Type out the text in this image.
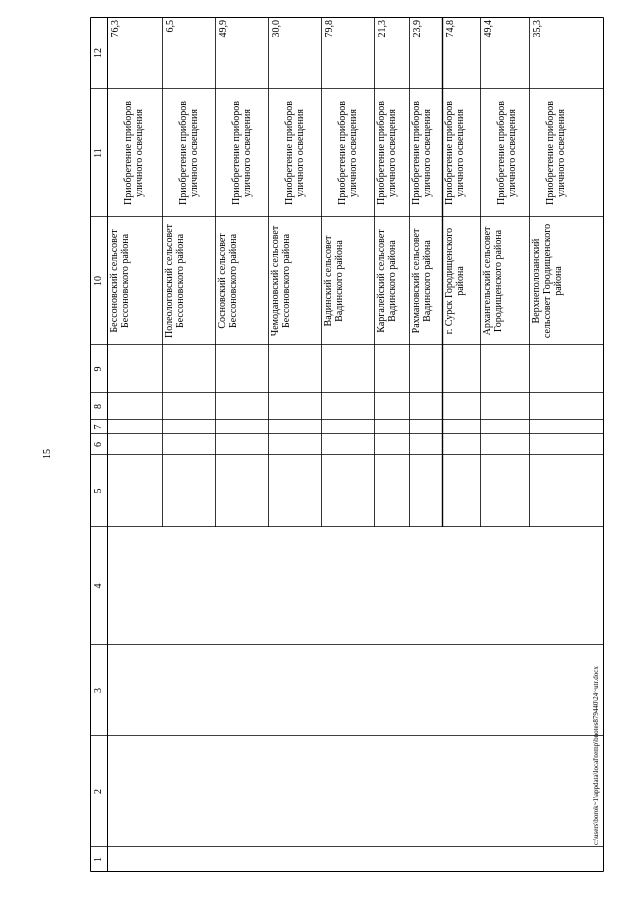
15
c:\users\borok~1\appdata\local\temp\bnotes879440\24~utr.docx
1
2
3
4
5
6
7
8
9
10
11
12
Бессоновский сельсовет Бессоновского района
Приобретение приборов уличного освещения
76,3
Полеологовский сельсовет Бессоновского района
Приобретение приборов уличного освещения
6,5
Сосновский сельсовет Бессоновского района
Приобретение приборов уличного освещения
49,9
Чемодановский сельсовет Бессоновского района
Приобретение приборов уличного освещения
30,0
Вадинский сельсовет Вадинского района
Приобретение приборов уличного освещения
79,8
Каргалейский сельсовет Вадинского района
Приобретение приборов уличного освещения
21,3
Рахмановский сельсовет Вадинского района
Приобретение приборов уличного освещения
23,9
г. Сурск Городищенского района
Приобретение приборов уличного освещения
74,8
Архангельский сельсовет Городищенского района
Приобретение приборов уличного освещения
49,4
Верхнеполозанский сельсовет Городищенского района
Приобретение приборов уличного освещения
35,3
